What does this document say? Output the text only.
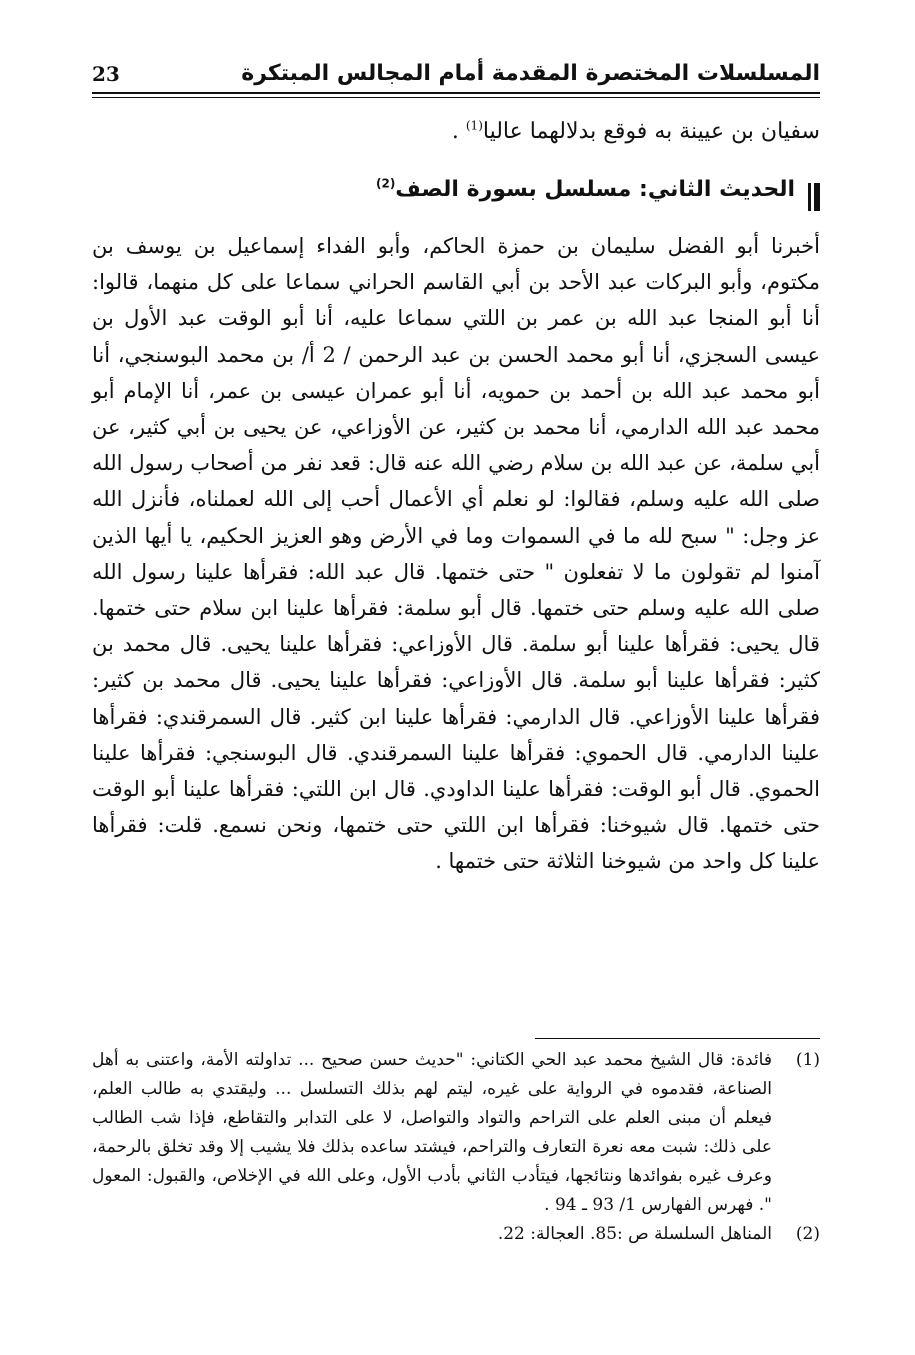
المسلسلات المختصرة المقدمة أمام المجالس المبتكرة
23
سفيان بن عيينة به فوقع بدلالهما عاليا$^{(1)}$ .
الحديث الثاني: مسلسل بسورة الصف$^{(2)}$

أخبرنا أبو الفضل سليمان بن حمزة الحاكم، وأبو الفداء إسماعيل بن يوسف بن مكتوم، وأبو البركات عبد الأحد بن أبي القاسم الحراني سماعا على كل منهما، قالوا: أنا أبو المنجا عبد الله بن عمر بن اللتي سماعا عليه، أنا أبو الوقت عبد الأول بن عيسى السجزي، أنا أبو محمد الحسن بن عبد الرحمن / 2 أ/ بن محمد البوسنجي، أنا أبو محمد عبد الله بن أحمد بن حمويه، أنا أبو عمران عيسى بن عمر، أنا الإمام أبو محمد عبد الله الدارمي، أنا محمد بن كثير، عن الأوزاعي، عن يحيى بن أبي كثير، عن أبي سلمة، عن عبد الله بن سلام رضي الله عنه قال: قعد نفر من أصحاب رسول الله صلى الله عليه وسلم، فقالوا: لو نعلم أي الأعمال أحب إلى الله لعملناه، فأنزل الله عز وجل: " سبح لله ما في السموات وما في الأرض وهو العزيز الحكيم، يا أيها الذين آمنوا لم تقولون ما لا تفعلون " حتى ختمها. قال عبد الله: فقرأها علينا رسول الله صلى الله عليه وسلم حتى ختمها. قال أبو سلمة: فقرأها علينا ابن سلام حتى ختمها. قال يحيى: فقرأها علينا أبو سلمة. قال الأوزاعي: فقرأها علينا يحيى. قال محمد بن كثير: فقرأها علينا أبو سلمة. قال الأوزاعي: فقرأها علينا يحيى. قال محمد بن كثير: فقرأها علينا الأوزاعي. قال الدارمي: فقرأها علينا ابن كثير. قال السمرقندي: فقرأها علينا الدارمي. قال الحموي: فقرأها علينا السمرقندي. قال البوسنجي: فقرأها علينا الحموي. قال أبو الوقت: فقرأها علينا الداودي. قال ابن اللتي: فقرأها علينا أبو الوقت حتى ختمها. قال شيوخنا: فقرأها ابن اللتي حتى ختمها، ونحن نسمع. قلت: فقرأها علينا كل واحد من شيوخنا الثلاثة حتى ختمها .

(1)
فائدة: قال الشيخ محمد عبد الحي الكتاني: "حديث حسن صحيح ... تداولته الأمة، واعتنى به أهل الصناعة، فقدموه في الرواية على غيره، ليتم لهم بذلك التسلسل ... وليقتدي به طالب العلم، فيعلم أن مبنى العلم على التراحم والتواد والتواصل، لا على التدابر والتقاطع، فإذا شب الطالب على ذلك: شبت معه نعرة التعارف والتراحم، فيشتد ساعده بذلك فلا يشيب إلا وقد تخلق بالرحمة، وعرف غيره بفوائدها ونتائجها، فيتأدب الثاني بأدب الأول، وعلى الله في الإخلاص، والقبول: المعول ". فهرس الفهارس 1/ 93 ـ 94 .
(2)
المناهل السلسلة ص :85. العجالة: 22.
